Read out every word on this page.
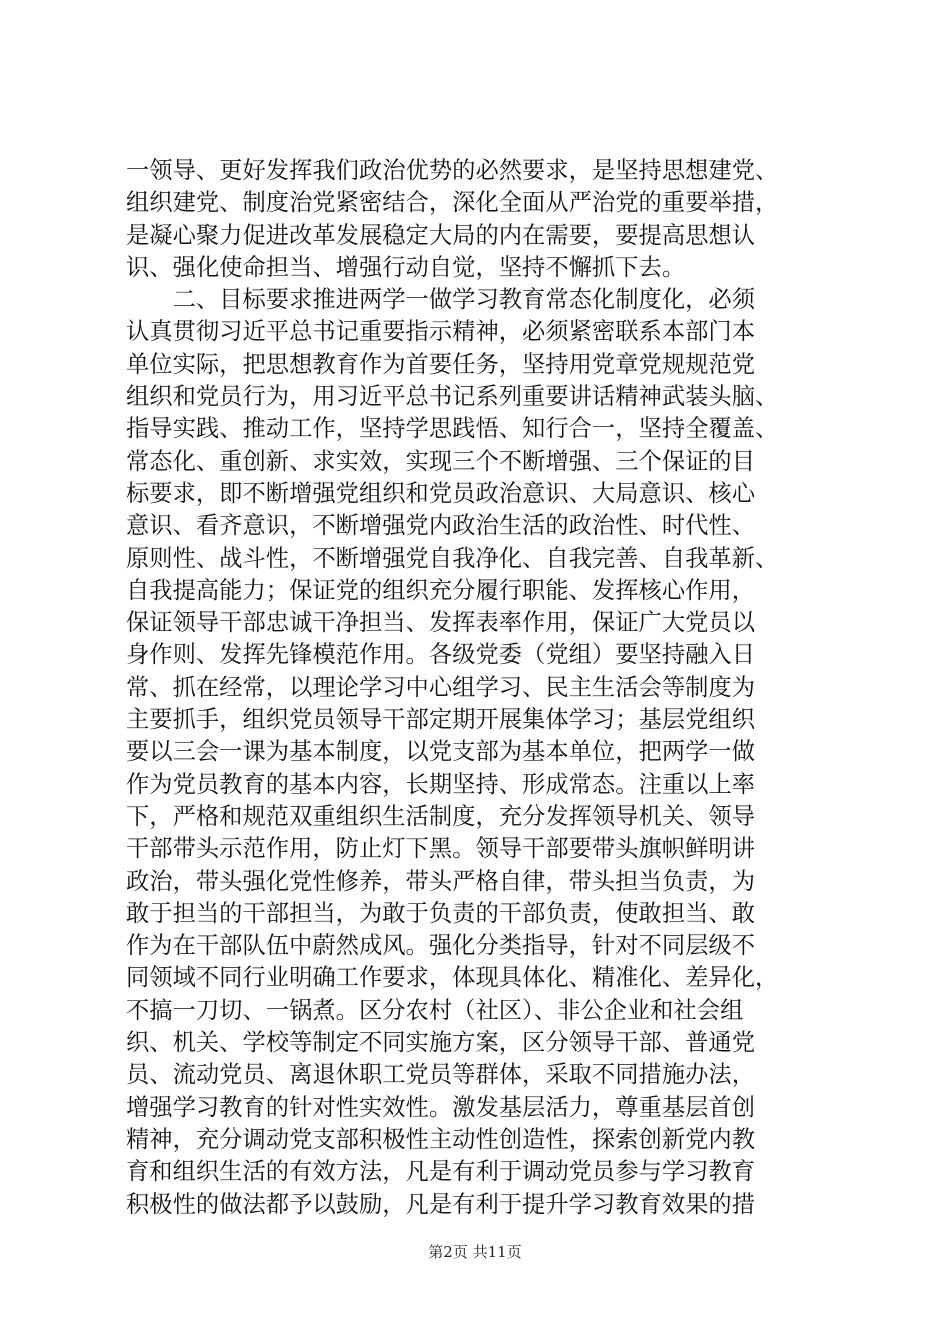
一领导、更好发挥我们政治优势的必然要求，是坚持思想建党、
组织建党、制度治党紧密结合，深化全面从严治党的重要举措，
是凝心聚力促进改革发展稳定大局的内在需要，要提高思想认
识、强化使命担当、增强行动自觉，坚持不懈抓下去。
　　二、目标要求推进两学一做学习教育常态化制度化，必须
认真贯彻习近平总书记重要指示精神，必须紧密联系本部门本
单位实际，把思想教育作为首要任务，坚持用党章党规规范党
组织和党员行为，用习近平总书记系列重要讲话精神武装头脑、
指导实践、推动工作，坚持学思践悟、知行合一，坚持全覆盖、
常态化、重创新、求实效，实现三个不断增强、三个保证的目
标要求，即不断增强党组织和党员政治意识、大局意识、核心
意识、看齐意识，不断增强党内政治生活的政治性、时代性、
原则性、战斗性，不断增强党自我净化、自我完善、自我革新、
自我提高能力；保证党的组织充分履行职能、发挥核心作用，
保证领导干部忠诚干净担当、发挥表率作用，保证广大党员以
身作则、发挥先锋模范作用。各级党委（党组）要坚持融入日
常、抓在经常，以理论学习中心组学习、民主生活会等制度为
主要抓手，组织党员领导干部定期开展集体学习；基层党组织
要以三会一课为基本制度，以党支部为基本单位，把两学一做
作为党员教育的基本内容，长期坚持、形成常态。注重以上率
下，严格和规范双重组织生活制度，充分发挥领导机关、领导
干部带头示范作用，防止灯下黑。领导干部要带头旗帜鲜明讲
政治，带头强化党性修养，带头严格自律，带头担当负责，为
敢于担当的干部担当，为敢于负责的干部负责，使敢担当、敢
作为在干部队伍中蔚然成风。强化分类指导，针对不同层级不
同领域不同行业明确工作要求，体现具体化、精准化、差异化，
不搞一刀切、一锅煮。区分农村（社区）、非公企业和社会组
织、机关、学校等制定不同实施方案，区分领导干部、普通党
员、流动党员、离退休职工党员等群体，采取不同措施办法，
增强学习教育的针对性实效性。激发基层活力，尊重基层首创
精神，充分调动党支部积极性主动性创造性，探索创新党内教
育和组织生活的有效方法，凡是有利于调动党员参与学习教育
积极性的做法都予以鼓励，凡是有利于提升学习教育效果的措
第2页 共11页
